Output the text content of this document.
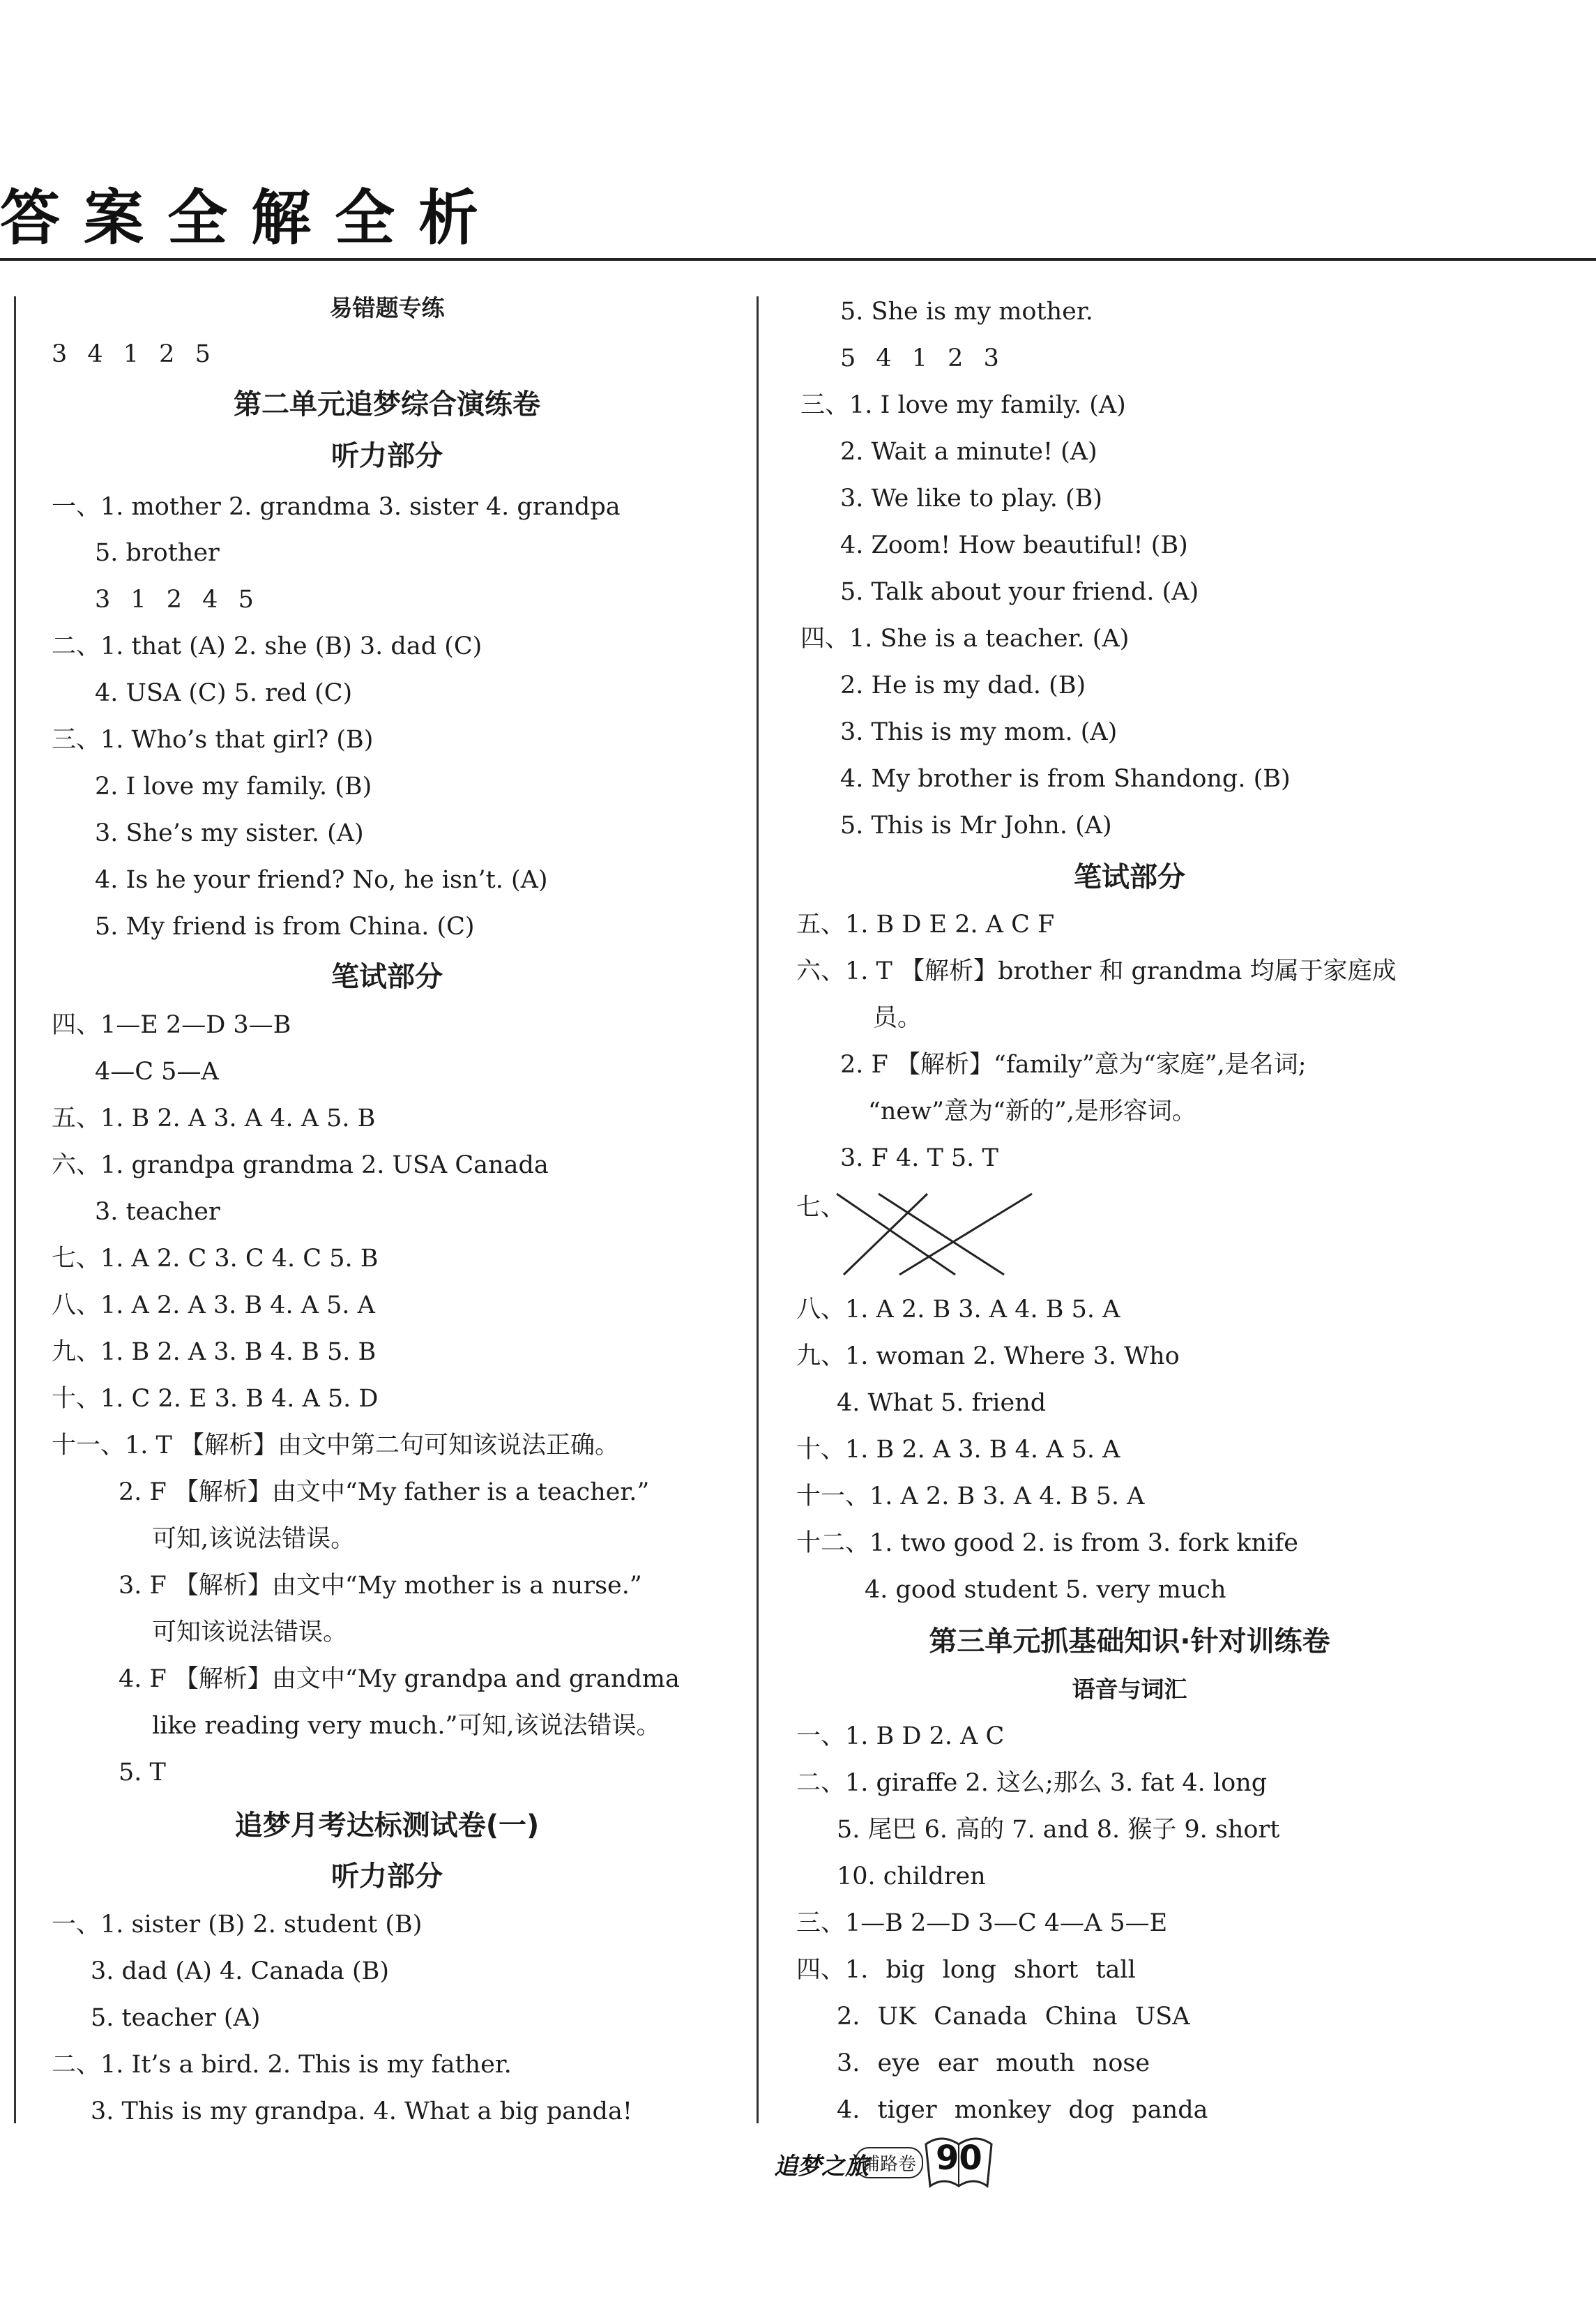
答案全解全析
易错题专练
3 4 1 2 5
第二单元追梦综合演练卷
听力部分
一、1. mother 2. grandma 3. sister 4. grandpa
5. brother
3 1 2 4 5
二、1. that (A) 2. she (B) 3. dad (C)
4. USA (C) 5. red (C)
三、1. Who’s that girl? (B)
2. I love my family. (B)
3. She’s my sister. (A)
4. Is he your friend? No, he isn’t. (A)
5. My friend is from China. (C)
笔试部分
四、1—E 2—D 3—B
4—C 5—A
五、1. B 2. A 3. A 4. A 5. B
六、1. grandpa grandma 2. USA Canada
3. teacher
七、1. A 2. C 3. C 4. C 5. B
八、1. A 2. A 3. B 4. A 5. A
九、1. B 2. A 3. B 4. B 5. B
十、1. C 2. E 3. B 4. A 5. D
十一、1. T 【解析】由文中第二句可知该说法正确。
2. F 【解析】由文中“My father is a teacher.”
可知,该说法错误。
3. F 【解析】由文中“My mother is a nurse.”
可知该说法错误。
4. F 【解析】由文中“My grandpa and grandma
like reading very much.”可知,该说法错误。
5. T
追梦月考达标测试卷(一)
听力部分
一、1. sister (B) 2. student (B)
3. dad (A) 4. Canada (B)
5. teacher (A)
二、1. It’s a bird. 2. This is my father.
3. This is my grandpa. 4. What a big panda!
5. She is my mother.
5 4 1 2 3
三、1. I love my family. (A)
2. Wait a minute! (A)
3. We like to play. (B)
4. Zoom! How beautiful! (B)
5. Talk about your friend. (A)
四、1. She is a teacher. (A)
2. He is my dad. (B)
3. This is my mom. (A)
4. My brother is from Shandong. (B)
5. This is Mr John. (A)
笔试部分
五、1. B D E 2. A C F
六、1. T 【解析】brother 和 grandma 均属于家庭成
员。
2. F 【解析】“family”意为“家庭”,是名词;
“new”意为“新的”,是形容词。
3. F 4. T 5. T
七、
八、1. A 2. B 3. A 4. B 5. A
九、1. woman 2. Where 3. Who
4. What 5. friend
十、1. B 2. A 3. B 4. A 5. A
十一、1. A 2. B 3. A 4. B 5. A
十二、1. two good 2. is from 3. fork knife
4. good student 5. very much
第三单元抓基础知识·针对训练卷
语音与词汇
一、1. B D 2. A C
二、1. giraffe 2. 这么;那么 3. fat 4. long
5. 尾巴 6. 高的 7. and 8. 猴子 9. short
10. children
三、1—B 2—D 3—C 4—A 5—E
四、1. big long short tall
2. UK Canada China USA
3. eye ear mouth nose
4. tiger monkey dog panda
追梦之旅
铺路卷 90
